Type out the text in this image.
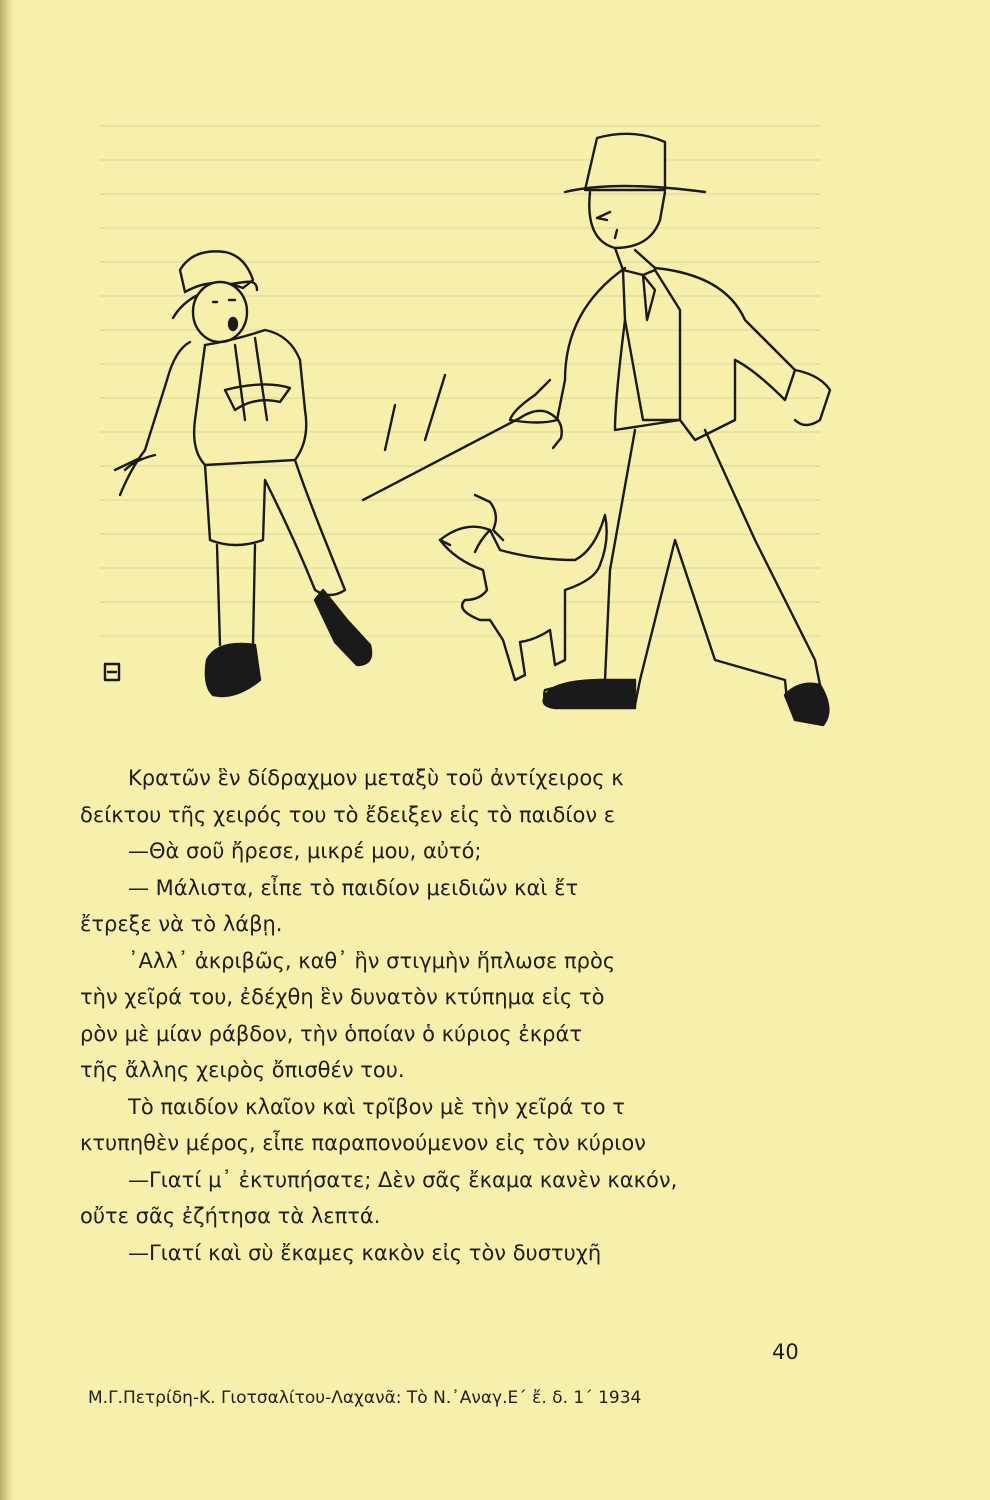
Κρατῶν ἓν δίδραχμον μεταξὺ τοῦ ἀντίχειρος κ

δείκτου τῆς χειρός του τὸ ἔδειξεν εἰς τὸ παιδίον ε

—Θὰ σοῦ ἤρεσε, μικρέ μου, αὐτό;

— Μάλιστα, εἶπε τὸ παιδίον μειδιῶν καὶ ἔτ

ἔτρεξε νὰ τὸ λάβῃ.

᾿Αλλ᾿ ἀκριβῶς, καθ᾿ ἣν στιγμὴν ἥπλωσε πρὸς

τὴν χεῖρά του, ἐδέχθη ἓν δυνατὸν κτύπημα εἰς τὸ

ρὸν μὲ μίαν ράβδον, τὴν ὁποίαν ὁ κύριος ἐκράτ

τῆς ἄλλης χειρὸς ὄπισθέν του.

Τὸ παιδίον κλαῖον καὶ τρῖβον μὲ τὴν χεῖρά το τ

κτυπηθὲν μέρος, εἶπε παραπονούμενον εἰς τὸν κύριον

—Γιατί μ᾿ ἐκτυπήσατε; Δὲν σᾶς ἔκαμα κανὲν κακόν,

οὔτε σᾶς ἐζήτησα τὰ λεπτά.

—Γιατί καὶ σὺ ἔκαμες κακὸν εἰς τὸν δυστυχῆ

40
Μ.Γ.Πετρίδη-Κ. Γιοτσαλίτου-Λαχανᾶ: Τὸ Ν.᾿Αναγ.Ε΄ ἔ. δ. 1΄ 1934
